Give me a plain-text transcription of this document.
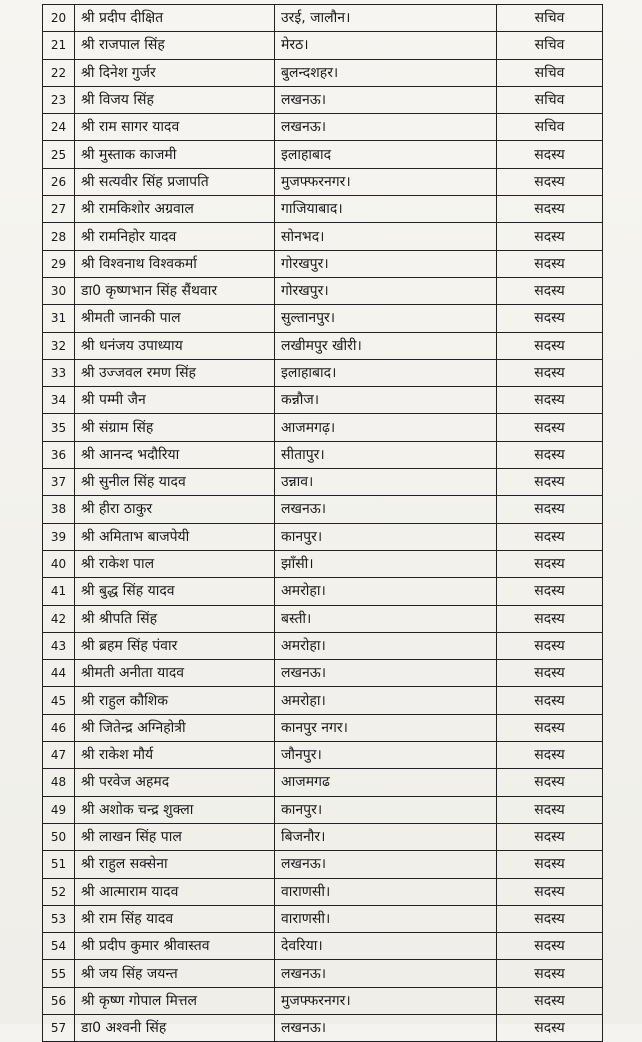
20	श्री प्रदीप दीक्षित	उरई, जालौन।	सचिव
21	श्री राजपाल सिंह	मेरठ।	सचिव
22	श्री दिनेश गुर्जर	बुलन्दशहर।	सचिव
23	श्री विजय सिंह	लखनऊ।	सचिव
24	श्री राम सागर यादव	लखनऊ।	सचिव
25	श्री मुस्ताक काजमी	इलाहाबाद	सदस्य
26	श्री सत्यवीर सिंह प्रजापति	मुजफ्फरनगर।	सदस्य
27	श्री रामकिशोर अग्रवाल	गाजियाबाद।	सदस्य
28	श्री रामनिहोर यादव	सोनभद।	सदस्य
29	श्री विश्वनाथ विश्वकर्मा	गोरखपुर।	सदस्य
30	डा0 कृष्णभान सिंह सैंथवार	गोरखपुर।	सदस्य
31	श्रीमती जानकी पाल	सुल्तानपुर।	सदस्य
32	श्री धनंजय उपाध्याय	लखीमपुर खीरी।	सदस्य
33	श्री उज्जवल रमण सिंह	इलाहाबाद।	सदस्य
34	श्री पम्मी जैन	कन्नौज।	सदस्य
35	श्री संग्राम सिंह	आजमगढ़।	सदस्य
36	श्री आनन्द भदौरिया	सीतापुर।	सदस्य
37	श्री सुनील सिंह यादव	उन्नाव।	सदस्य
38	श्री हीरा ठाकुर	लखनऊ।	सदस्य
39	श्री अमिताभ बाजपेयी	कानपुर।	सदस्य
40	श्री राकेश पाल	झाँसी।	सदस्य
41	श्री बुद्ध सिंह यादव	अमरोहा।	सदस्य
42	श्री श्रीपति सिंह	बस्ती।	सदस्य
43	श्री ब्रहम सिंह पंवार	अमरोहा।	सदस्य
44	श्रीमती अनीता यादव	लखनऊ।	सदस्य
45	श्री राहुल कौशिक	अमरोहा।	सदस्य
46	श्री जितेन्द्र अग्निहोत्री	कानपुर नगर।	सदस्य
47	श्री राकेश मौर्य	जौनपुर।	सदस्य
48	श्री परवेज अहमद	आजमगढ	सदस्य
49	श्री अशोक चन्द्र शुक्ला	कानपुर।	सदस्य
50	श्री लाखन सिंह पाल	बिजनौर।	सदस्य
51	श्री राहुल सक्सेना	लखनऊ।	सदस्य
52	श्री आत्माराम यादव	वाराणसी।	सदस्य
53	श्री राम सिंह यादव	वाराणसी।	सदस्य
54	श्री प्रदीप कुमार श्रीवास्तव	देवरिया।	सदस्य
55	श्री जय सिंह जयन्त	लखनऊ।	सदस्य
56	श्री कृष्ण गोपाल मित्तल	मुजफ्फरनगर।	सदस्य
57	डा0 अश्वनी सिंह	लखनऊ।	सदस्य
